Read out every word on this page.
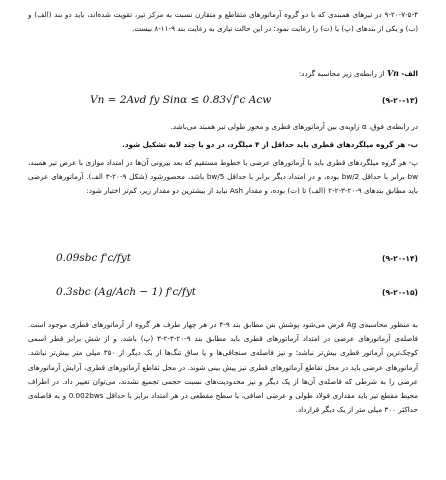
۹-۲۰-۷-۵-۴ در تیرهای همبندی که با دو گروه آرماتورهای متقاطع و متقارن نسبت به مرکز تیر، تقویت شده‌اند، باید دو بند (الف) و (ب) و یکی از بندهای (پ) یا (ت) را رعایت نمود؛ در این حالت نیازی به رعایت بند ۹-۱۱-۸ نیست.
الف- Vn از رابطه‌ی زیر محاسبه گردد:
Vn = 2Avd fy Sinα ≤ 0.83√f'c Acw	(۹-۲۰-۱۳)
در رابطه‌ی فوق، α زاویه‌ی بین آرماتورهای قطری و محور طولی تیر همبند می‌باشد.
ب- هر گروه میلگردهای قطری باید حداقل از ۴ میلگرد، در دو یا چند لایه تشکیل شود.
پ- هر گروه میلگردهای قطری باید با آرماتورهای عرضی با خطوط مستقیم که بعد بیرونی آن‌ها در امتداد موازی با عرض تیر همبند، bw برابر با حداقل bw/2 بوده، و در امتداد دیگر برابر با حداقل bw/5 باشد، محصورشود (شکل ۹-۲۰-۳ الف). آرماتورهای عرضی باید مطابق بندهای ۹-۲۰-۳-۲-۲ (الف) تا (ت) بوده، و مقدار Ash نباید از بیشترین دو مقدار زیر، کم‌تر اختیار شود:
0.09sbc f'c/fyt	(۹-۲۰-۱۴)
0.3sbc (Ag/Ach − 1) f'c/fyt	(۹-۲۰-۱۵)
به منظور محاسبه‌ی Ag فرض می‌شود پوشش بتن مطابق بند ۹-۴ در هر چهار طرف هر گروه از آرماتورهای قطری موجود است. فاصله‌ی آرماتورهای عرضی در امتداد آرماتورهای قطری باید مطابق بند ۹-۲۰-۳-۲-۳ (پ) باشد، و از شش برابر قطر اسمی کوچک‌ترین آرماتور قطری بیش‌تر نباشد؛ و نیز فاصله‌ی سنجاقی‌ها و یا ساق تنگ‌ها از یک دیگر از ۳۵۰ میلی متر بیش‌تر نباشد. آرماتورهای عرضی باید در محل تقاطع آرماتورهای قطری نیز پیش بینی شوند. در محل تقاطع آرماتورهای قطری، آرایش آرماتورهای عرضی را به شرطی که فاصله‌ی آن‌ها از یک دیگر و نیز محدودیت‌های نسبت حجمی تجمیع نشدند، می‌توان تغییر داد. در اطراف محیط مقطع تیر باید مقداری فولاد طولی و عرضی اضافی، با سطح مقطعی در هر امتداد برابر با حداقل 0.002bws و به فاصله‌ی حداکثر ۳۰۰ میلی متر از یک دیگر قرارداد.
